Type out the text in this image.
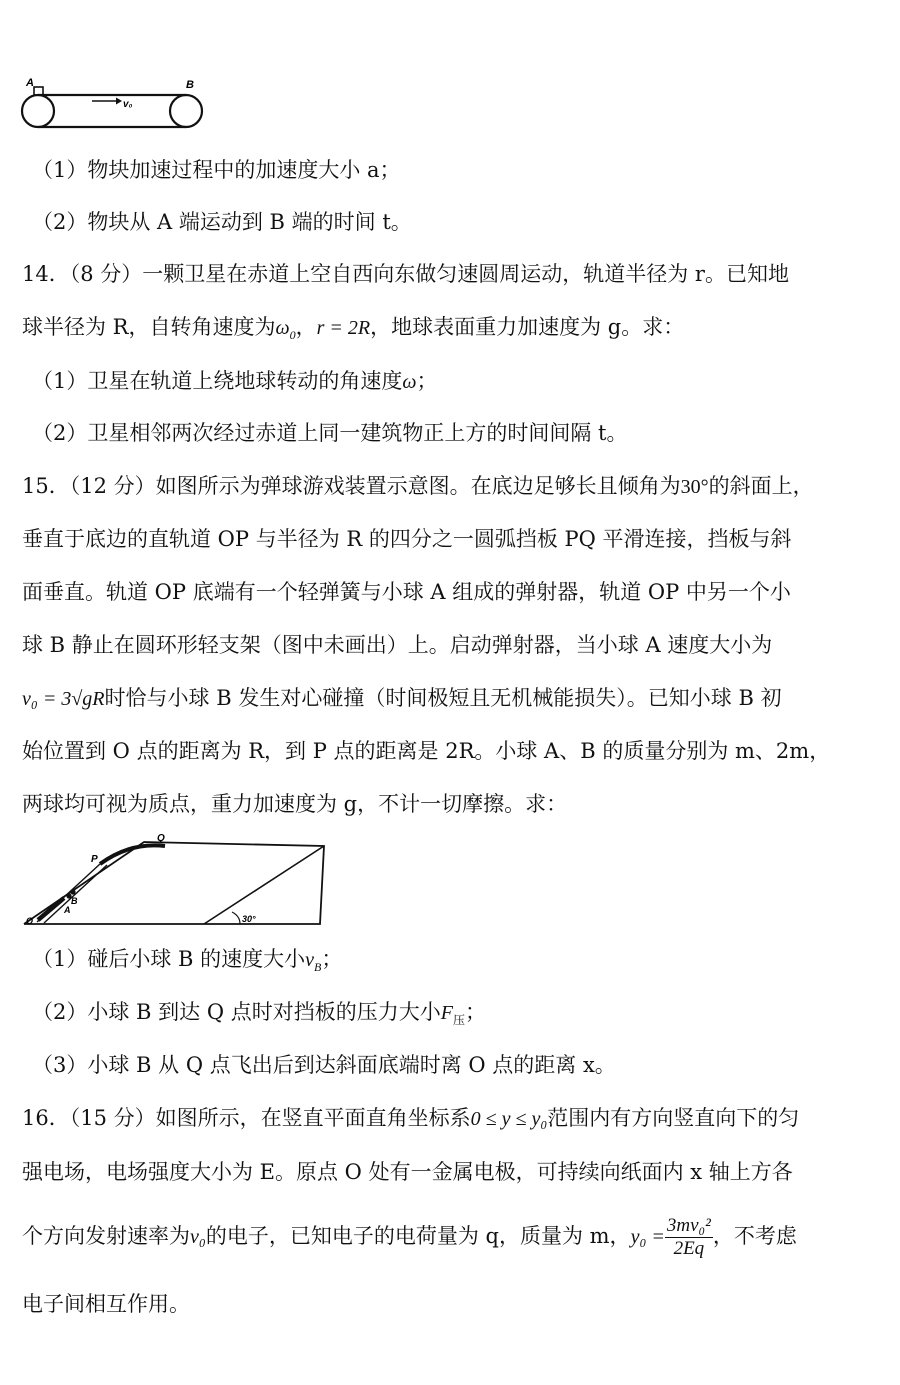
A	B
v₀
（1）物块加速过程中的加速度大小 a；
（2）物块从 A 端运动到 B 端的时间 t。
14．（8 分）一颗卫星在赤道上空自西向东做匀速圆周运动，轨道半径为 r。已知地
球半径为 R，自转角速度为$\omega_0$，r = 2R，地球表面重力加速度为 g。求：
（1）卫星在轨道上绕地球转动的角速度ω；
（2）卫星相邻两次经过赤道上同一建筑物正上方的时间间隔 t。
15．（12 分）如图所示为弹球游戏装置示意图。在底边足够长且倾角为30°的斜面上，
垂直于底边的直轨道 OP 与半径为 R 的四分之一圆弧挡板 PQ 平滑连接，挡板与斜
面垂直。轨道 OP 底端有一个轻弹簧与小球 A 组成的弹射器，轨道 OP 中另一个小
球 B 静止在圆环形轻支架（图中未画出）上。启动弹射器，当小球 A 速度大小为
v₀ = 3√gR时恰与小球 B 发生对心碰撞（时间极短且无机械能损失）。已知小球 B 初
始位置到 O 点的距离为 R，到 P 点的距离是 2R。小球 A、B 的质量分别为 m、2m，
两球均可视为质点，重力加速度为 g，不计一切摩擦。求：
Q
P
B
A
O	30°
（1）碰后小球 B 的速度大小$v_B$；
（2）小球 B 到达 Q 点时对挡板的压力大小$F_压$；
（3）小球 B 从 Q 点飞出后到达斜面底端时离 O 点的距离 x。
16．（15 分）如图所示，在竖直平面直角坐标系0 ≤ y ≤ y₀范围内有方向竖直向下的匀
强电场，电场强度大小为 E。原点 O 处有一金属电极，可持续向纸面内 x 轴上方各
个方向发射速率为v₀的电子，已知电子的电荷量为 q，质量为 m，$y_0 = \frac{\text{3mv₀²}}{2Eq}$ ，不考虑
电子间相互作用。
